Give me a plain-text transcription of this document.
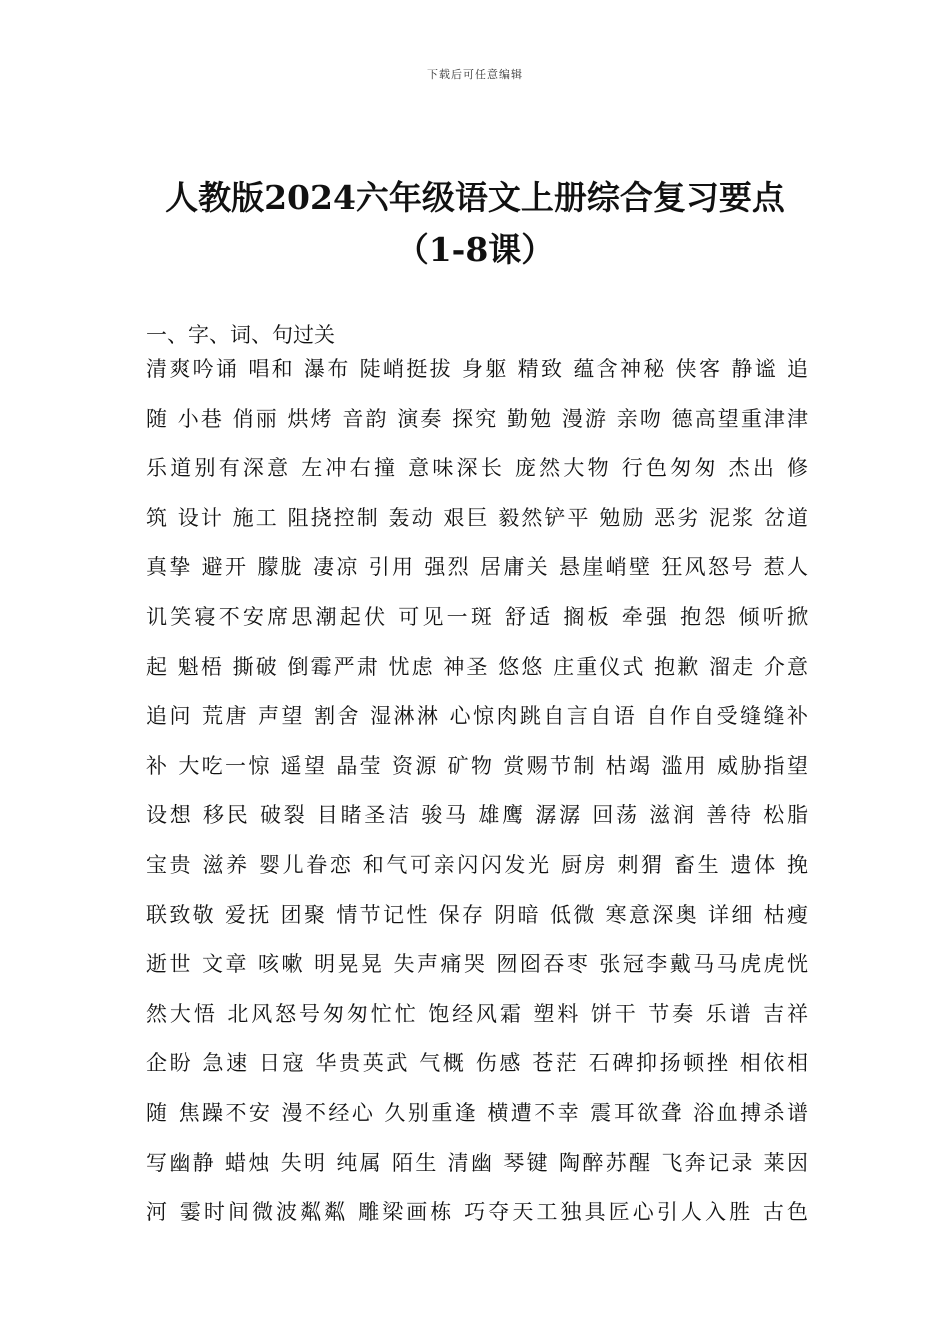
下载后可任意编辑
人教版2024六年级语文上册综合复习要点
（1-8课）

一、字、词、句过关

清爽吟诵 唱和 瀑布 陡峭挺拔 身躯 精致 蕴含神秘 侠客 静谧 追
随 小巷 俏丽 烘烤 音韵 演奏 探究 勤勉 漫游 亲吻 德高望重津津
乐道别有深意 左冲右撞 意味深长 庞然大物 行色匆匆 杰出 修
筑 设计 施工 阻挠控制 轰动 艰巨 毅然铲平 勉励 恶劣 泥浆 岔道
真挚 避开 朦胧 凄凉 引用 强烈 居庸关 悬崖峭壁 狂风怒号 惹人
讥笑寝不安席思潮起伏 可见一斑 舒适 搁板 牵强 抱怨 倾听掀
起 魁梧 撕破 倒霉严肃 忧虑 神圣 悠悠 庄重仪式 抱歉 溜走 介意
追问 荒唐 声望 割舍 湿淋淋 心惊肉跳自言自语 自作自受缝缝补
补 大吃一惊 遥望 晶莹 资源 矿物 赏赐节制 枯竭 滥用 威胁指望
设想 移民 破裂 目睹圣洁 骏马 雄鹰 潺潺 回荡 滋润 善待 松脂
宝贵 滋养 婴儿眷恋 和气可亲闪闪发光 厨房 刺猬 畜生 遗体 挽
联致敬 爱抚 团聚 情节记性 保存 阴暗 低微 寒意深奥 详细 枯瘦
逝世 文章 咳嗽 明晃晃 失声痛哭 囫囵吞枣 张冠李戴马马虎虎恍
然大悟 北风怒号匆匆忙忙 饱经风霜 塑料 饼干 节奏 乐谱 吉祥
企盼 急速 日寇 华贵英武 气概 伤感 苍茫 石碑抑扬顿挫 相依相
随 焦躁不安 漫不经心 久别重逢 横遭不幸 震耳欲聋 浴血搏杀谱
写幽静 蜡烛 失明 纯属 陌生 清幽 琴键 陶醉苏醒 飞奔记录 莱因
河 霎时间微波粼粼 雕梁画栋 巧夺天工独具匠心引人入胜 古色
